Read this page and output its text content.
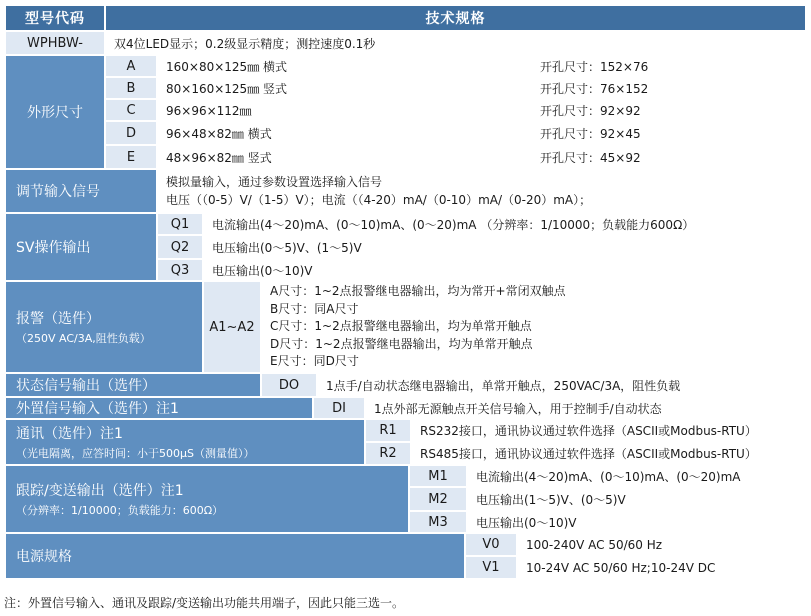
型号代码	技术规格
WPHBW-	双4位LED显示；0.2级显示精度；测控速度0.1秒
外形尺寸
A	160×80×125㎜ 横式	开孔尺寸：152×76
B	80×160×125㎜ 竖式	开孔尺寸：76×152
C	96×96×112㎜	开孔尺寸：92×92
D	96×48×82㎜ 横式	开孔尺寸：92×45
E	48×96×82㎜ 竖式	开孔尺寸：45×92
调节输入信号
模拟量输入，通过参数设置选择输入信号
电压（（0-5）V/（1-5）V）；电流（（4-20）mA/（0-10）mA/（0-20）mA）；
SV操作输出
Q1	电流输出(4～20)mA、(0～10)mA、(0～20)mA （分辨率：1/10000；负载能力600Ω）
Q2	电压输出(0～5)V、(1～5)V
Q3	电压输出(0～10)V
报警（选件）
（250V AC/3A,阻性负载）
A1~A2
A尺寸：1~2点报警继电器输出，均为常开+常闭双触点
B尺寸：同A尺寸
C尺寸：1~2点报警继电器输出，均为单常开触点
D尺寸：1~2点报警继电器输出，均为单常开触点
E尺寸：同D尺寸
状态信号输出（选件）	DO	1点手/自动状态继电器输出，单常开触点，250VAC/3A，阻性负载
外置信号输入（选件）注1	DI	1点外部无源触点开关信号输入，用于控制手/自动状态
通讯（选件）注1
（光电隔离，应答时间：小于500μS（测量值））
R1	RS232接口，通讯协议通过软件选择（ASCII或Modbus-RTU）
R2	RS485接口，通讯协议通过软件选择（ASCII或Modbus-RTU）
跟踪/变送输出（选件）注1
（分辨率：1/10000；负载能力：600Ω）
M1	电流输出(4～20)mA、(0～10)mA、(0～20)mA
M2	电压输出(1～5)V、(0～5)V
M3	电压输出(0～10)V
电源规格
V0	100-240V AC 50/60 Hz
V1	10-24V AC 50/60 Hz;10-24V DC
注：外置信号输入、通讯及跟踪/变送输出功能共用端子，因此只能三选一。
